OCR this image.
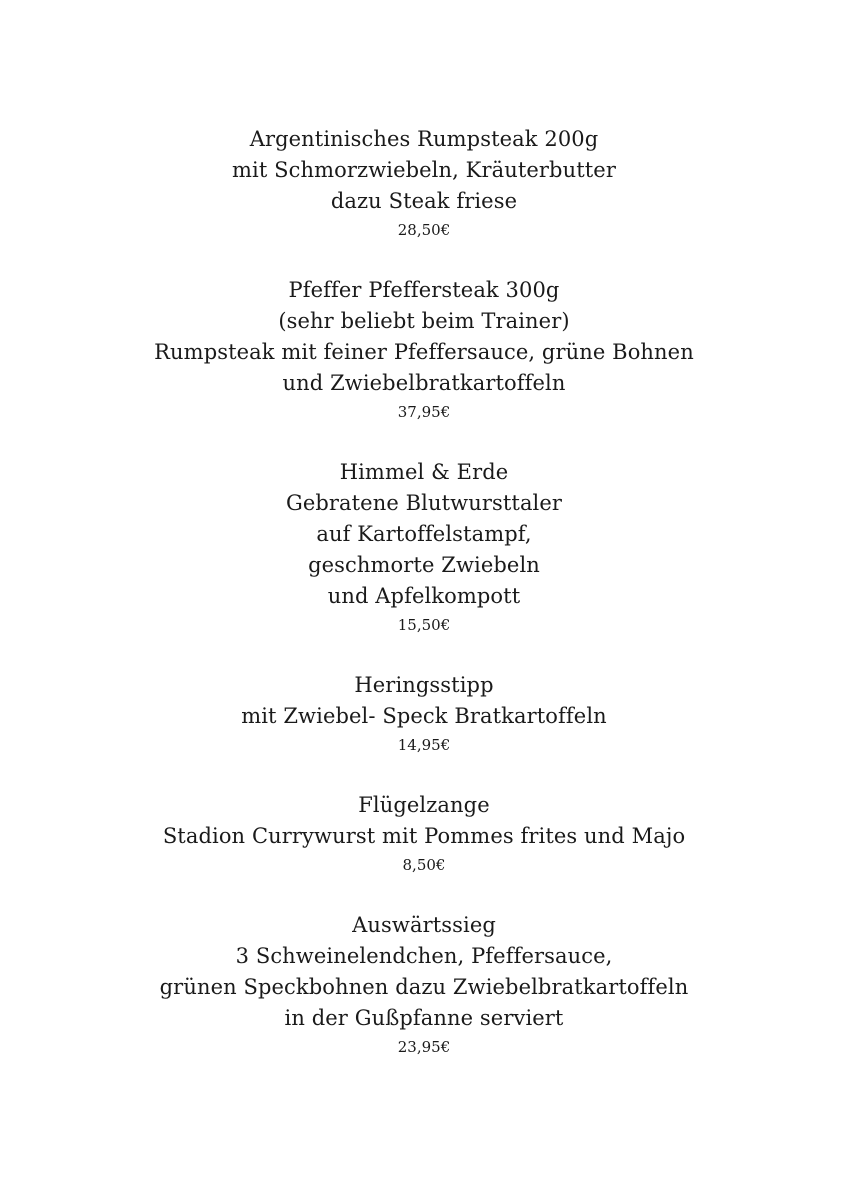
Argentinisches Rumpsteak 200g
mit Schmorzwiebeln, Kräuterbutter
dazu Steak friese
28,50€
Pfeffer Pfeffersteak 300g
(sehr beliebt beim Trainer)
Rumpsteak mit feiner Pfeffersauce, grüne Bohnen
und Zwiebelbratkartoffeln
37,95€
Himmel & Erde
Gebratene Blutwursttaler
auf Kartoffelstampf,
geschmorte Zwiebeln
und Apfelkompott
15,50€
Heringsstipp
mit Zwiebel- Speck Bratkartoffeln
14,95€
Flügelzange
Stadion Currywurst mit Pommes frites und Majo
8,50€
Auswärtssieg
3 Schweinelendchen, Pfeffersauce,
grünen Speckbohnen dazu Zwiebelbratkartoffeln
in der Gußpfanne serviert
23,95€
